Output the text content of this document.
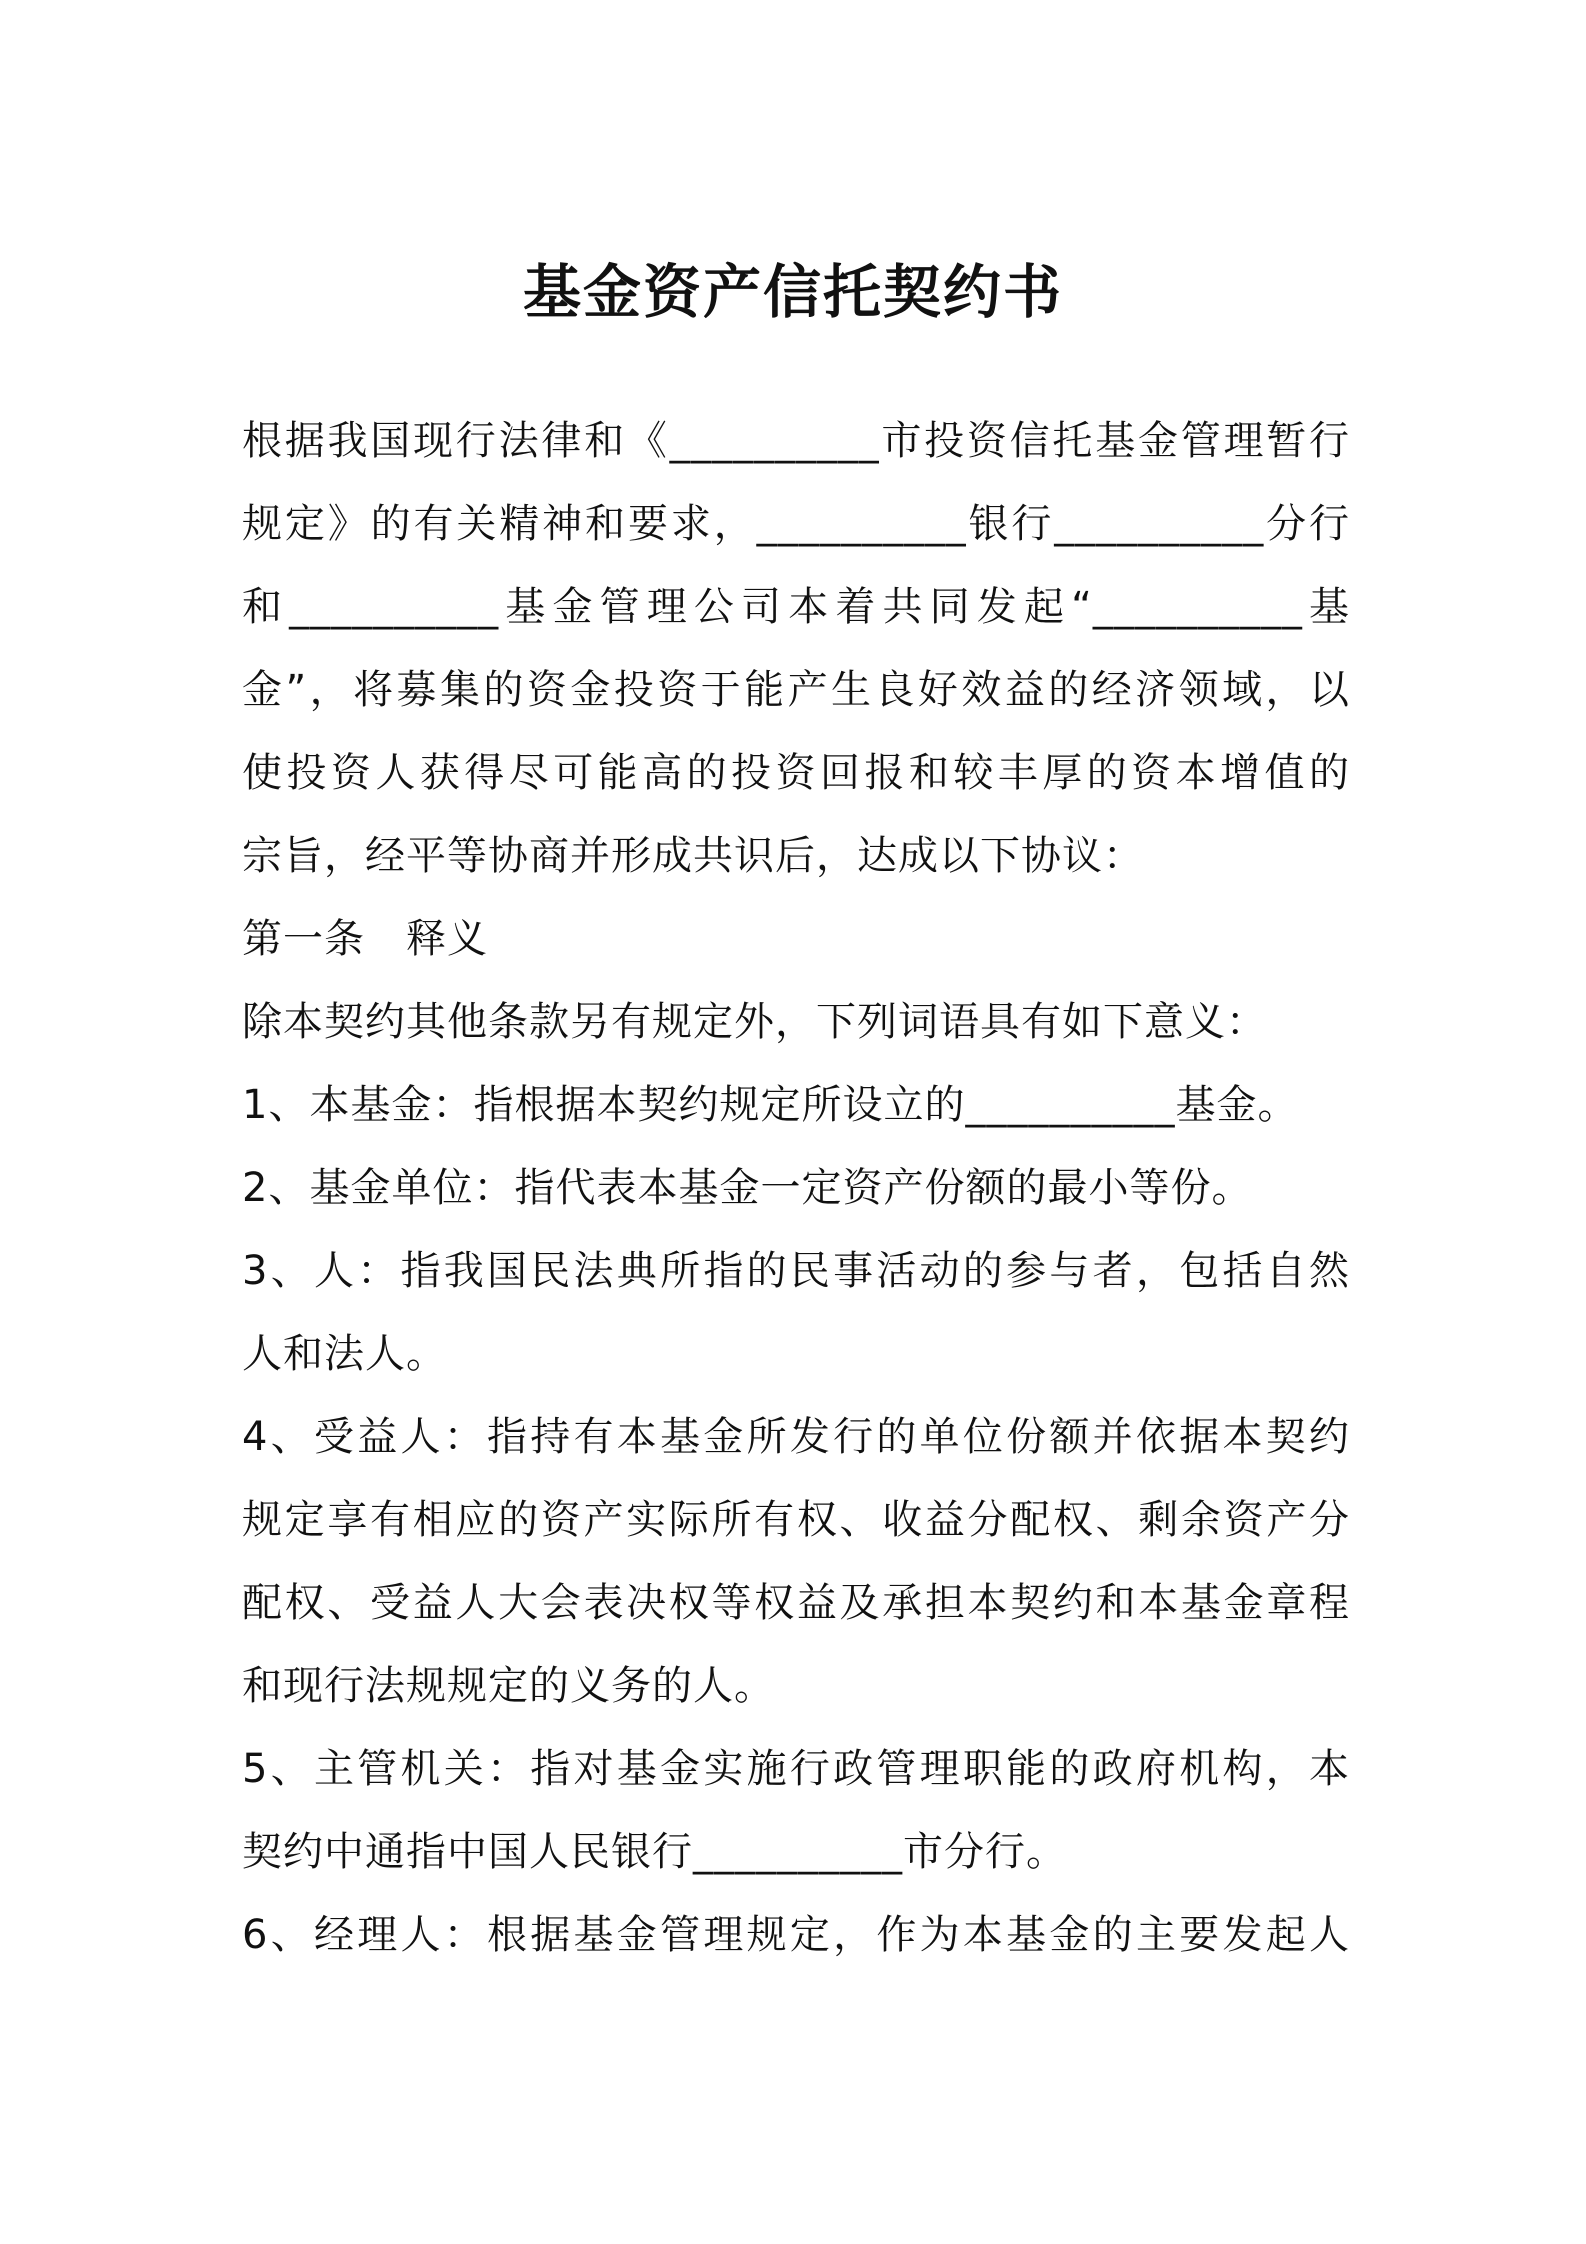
基金资产信托契约书
根据我国现行法律和《__________市投资信托基金管理暂行
规定》的有关精神和要求，__________银行__________分行
和__________基金管理公司本着共同发起“__________基
金”，将募集的资金投资于能产生良好效益的经济领域，以
使投资人获得尽可能高的投资回报和较丰厚的资本增值的
宗旨，经平等协商并形成共识后，达成以下协议：
第一条　释义
除本契约其他条款另有规定外，下列词语具有如下意义：
1、本基金：指根据本契约规定所设立的__________基金。
2、基金单位：指代表本基金一定资产份额的最小等份。
3、人：指我国民法典所指的民事活动的参与者，包括自然
人和法人。
4、受益人：指持有本基金所发行的单位份额并依据本契约
规定享有相应的资产实际所有权、收益分配权、剩余资产分
配权、受益人大会表决权等权益及承担本契约和本基金章程
和现行法规规定的义务的人。
5、主管机关：指对基金实施行政管理职能的政府机构，本
契约中通指中国人民银行__________市分行。
6、经理人：根据基金管理规定，作为本基金的主要发起人
